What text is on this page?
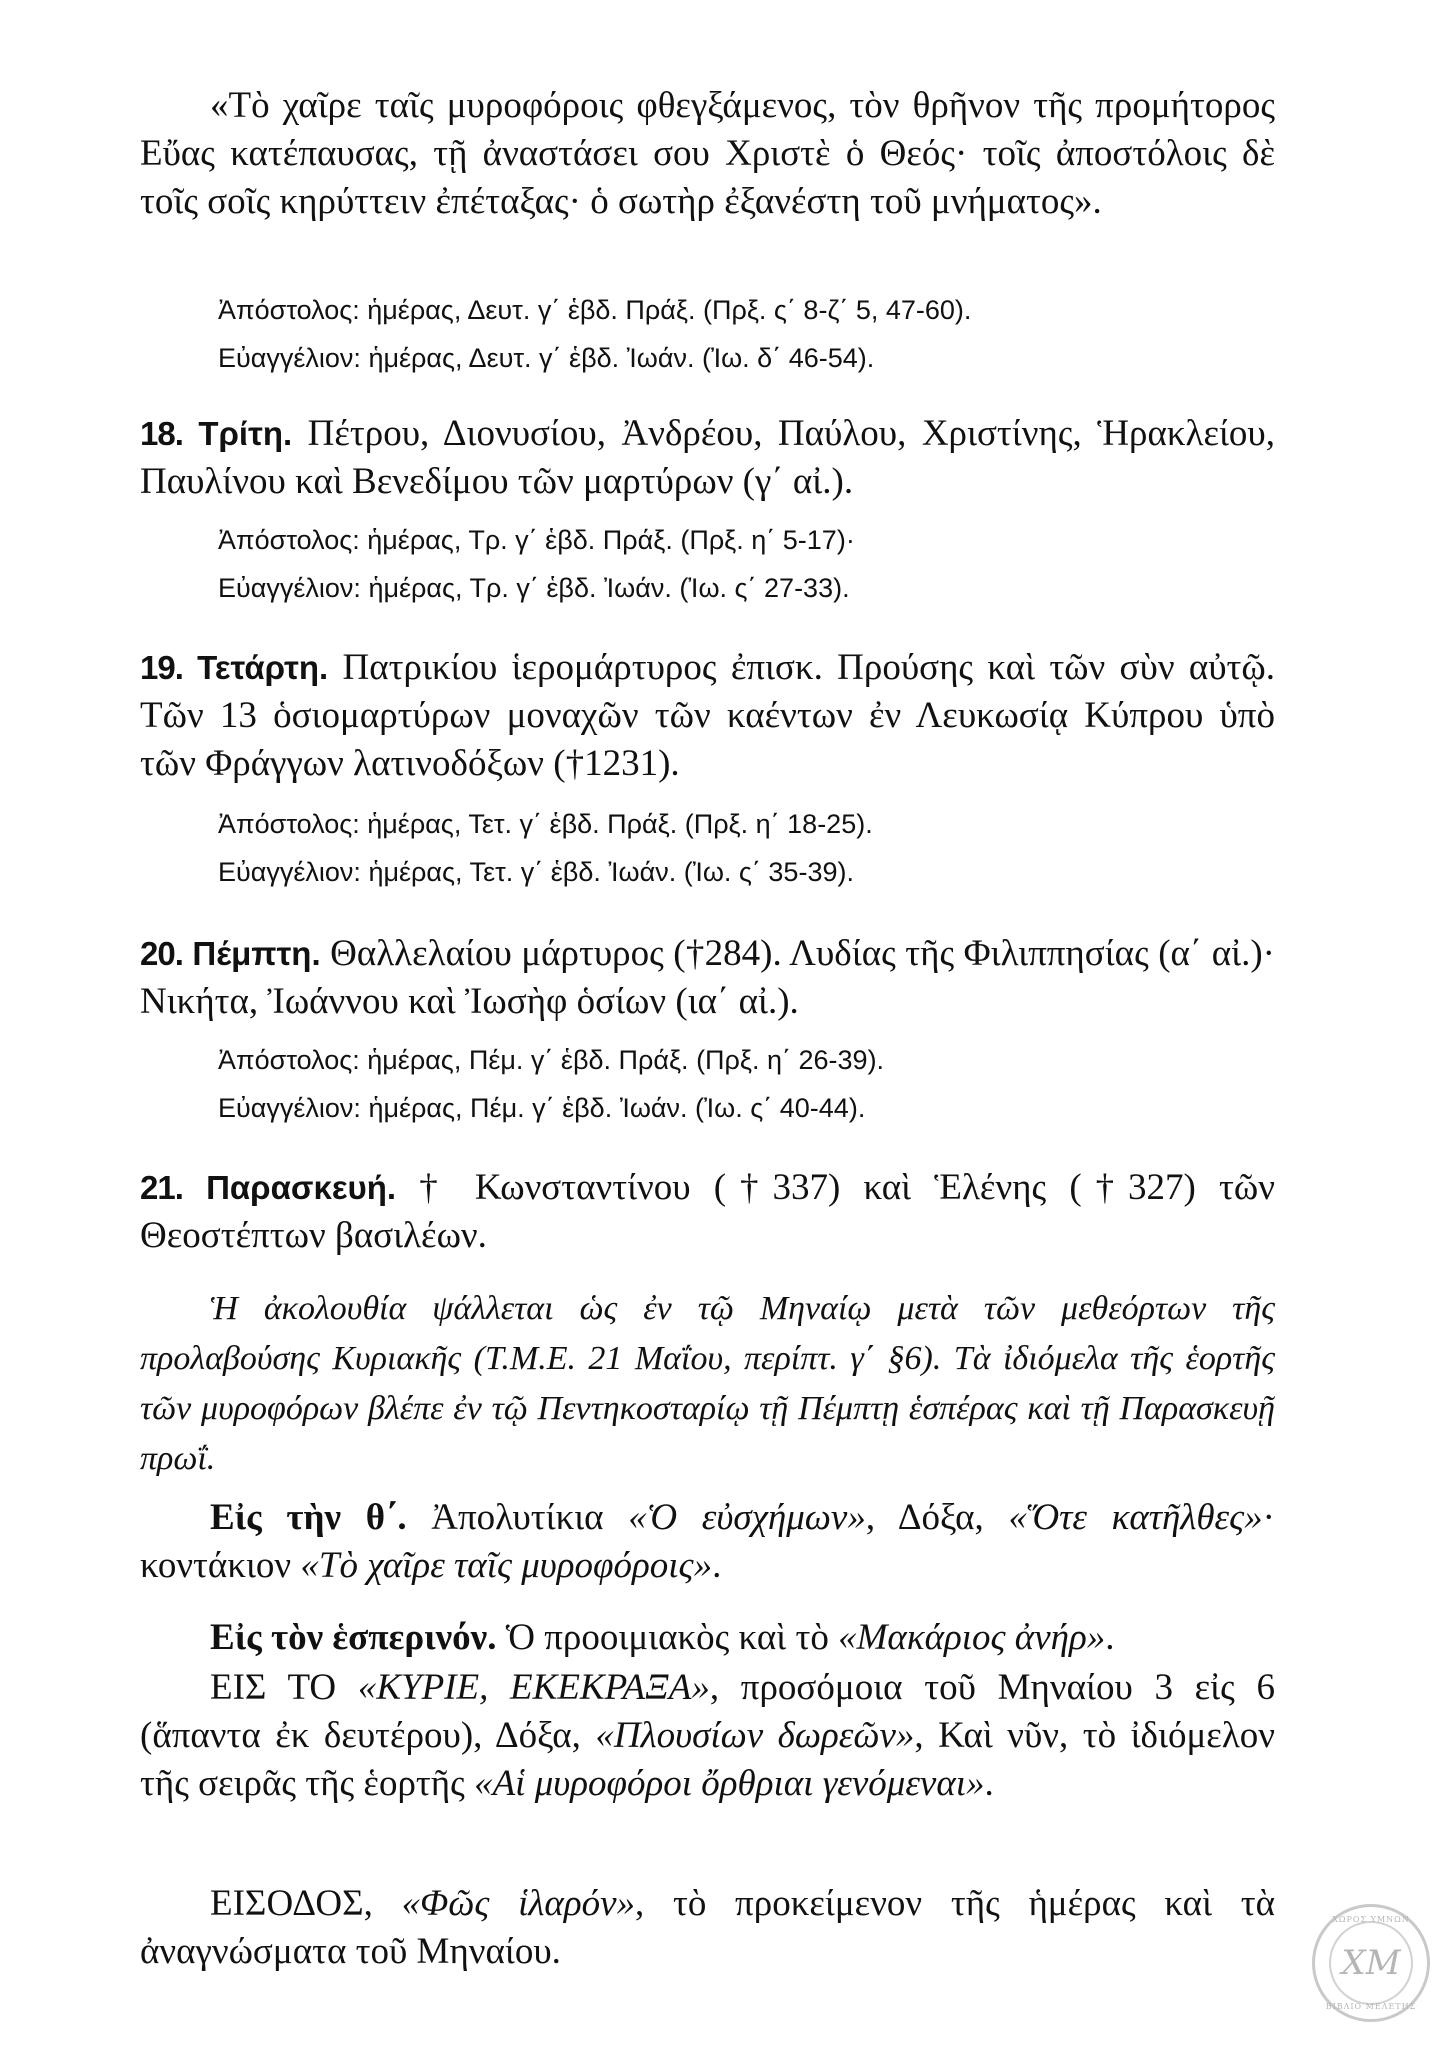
«Τὸ χαῖρε ταῖς μυροφόροις φθεγξάμενος, τὸν θρῆνον τῆς προμήτορος Εὔας κατέπαυσας, τῇ ἀναστάσει σου Χριστὲ ὁ Θεός· τοῖς ἀποστόλοις δὲ τοῖς σοῖς κηρύττειν ἐπέταξας· ὁ σωτὴρ ἐξανέστη τοῦ μνήματος».

Ἀπόστολος: ἡμέρας, Δευτ. γ΄ ἑβδ. Πράξ. (Πρξ. ς΄ 8-ζ΄ 5, 47-60).
Εὐαγγέλιον: ἡμέρας, Δευτ. γ΄ ἑβδ. Ἰωάν. (Ἰω. δ΄ 46-54).

18. Τρίτη. Πέτρου, Διονυσίου, Ἀνδρέου, Παύλου, Χριστίνης, Ἡρακλείου, Παυλίνου καὶ Βενεδίμου τῶν μαρτύρων (γ΄ αἰ.).

Ἀπόστολος: ἡμέρας, Τρ. γ΄ ἑβδ. Πράξ. (Πρξ. η΄ 5-17)·
Εὐαγγέλιον: ἡμέρας, Τρ. γ΄ ἑβδ. Ἰωάν. (Ἰω. ς΄ 27-33).

19. Τετάρτη. Πατρικίου ἱερομάρτυρος ἐπισκ. Προύσης καὶ τῶν σὺν αὐτῷ. Τῶν 13 ὁσιομαρτύρων μοναχῶν τῶν καέντων ἐν Λευκωσίᾳ Κύπρου ὑπὸ τῶν Φράγγων λατινοδόξων (†1231).

Ἀπόστολος: ἡμέρας, Τετ. γ΄ ἑβδ. Πράξ. (Πρξ. η΄ 18-25).
Εὐαγγέλιον: ἡμέρας, Τετ. γ΄ ἑβδ. Ἰωάν. (Ἰω. ς΄ 35-39).

20. Πέμπτη. Θαλλελαίου μάρτυρος (†284). Λυδίας τῆς Φιλιππησίας (α΄ αἰ.)· Νικήτα, Ἰωάννου καὶ Ἰωσὴφ ὁσίων (ια΄ αἰ.).

Ἀπόστολος: ἡμέρας, Πέμ. γ΄ ἑβδ. Πράξ. (Πρξ. η΄ 26-39).
Εὐαγγέλιον: ἡμέρας, Πέμ. γ΄ ἑβδ. Ἰωάν. (Ἰω. ς΄ 40-44).

21. Παρασκευή. † Κωνσταντίνου (†337) καὶ Ἑλένης (†327) τῶν Θεοστέπτων βασιλέων.

Ἡ ἀκολουθία ψάλλεται ὡς ἐν τῷ Μηναίῳ μετὰ τῶν μεθεόρτων τῆς προλαβούσης Κυριακῆς (Τ.Μ.Ε. 21 Μαΐου, περίπτ. γ΄ §6). Τὰ ἰδιόμελα τῆς ἑορτῆς τῶν μυροφόρων βλέπε ἐν τῷ Πεντηκοσταρίῳ τῇ Πέμπτῃ ἑσπέρας καὶ τῇ Παρασκευῇ πρωΐ.

Εἰς τὴν θ΄. Ἀπολυτίκια «Ὁ εὐσχήμων», Δόξα, «Ὅτε κατῆλθες»· κοντάκιον «Τὸ χαῖρε ταῖς μυροφόροις».

Εἰς τὸν ἑσπερινόν. Ὁ προοιμιακὸς καὶ τὸ «Μακάριος ἀνήρ».

ΕΙΣ ΤΟ «ΚΥΡΙΕ, ΕΚΕΚΡΑΞΑ», προσόμοια τοῦ Μηναίου 3 εἰς 6 (ἅπαντα ἐκ δευτέρου), Δόξα, «Πλουσίων δωρεῶν», Καὶ νῦν, τὸ ἰδιόμελον τῆς σειρᾶς τῆς ἑορτῆς «Αἱ μυροφόροι ὄρθριαι γενόμεναι».

ΕΙΣΟΔΟΣ, «Φῶς ἱλαρόν», τὸ προκείμενον τῆς ἡμέρας καὶ τὰ ἀναγνώσματα τοῦ Μηναίου.

ΧΩΡΟΣ ΥΜΝΩΝ
ΧΜ
ΒΙΒΛΙΟ ΜΕΛΕΤΗΣ
